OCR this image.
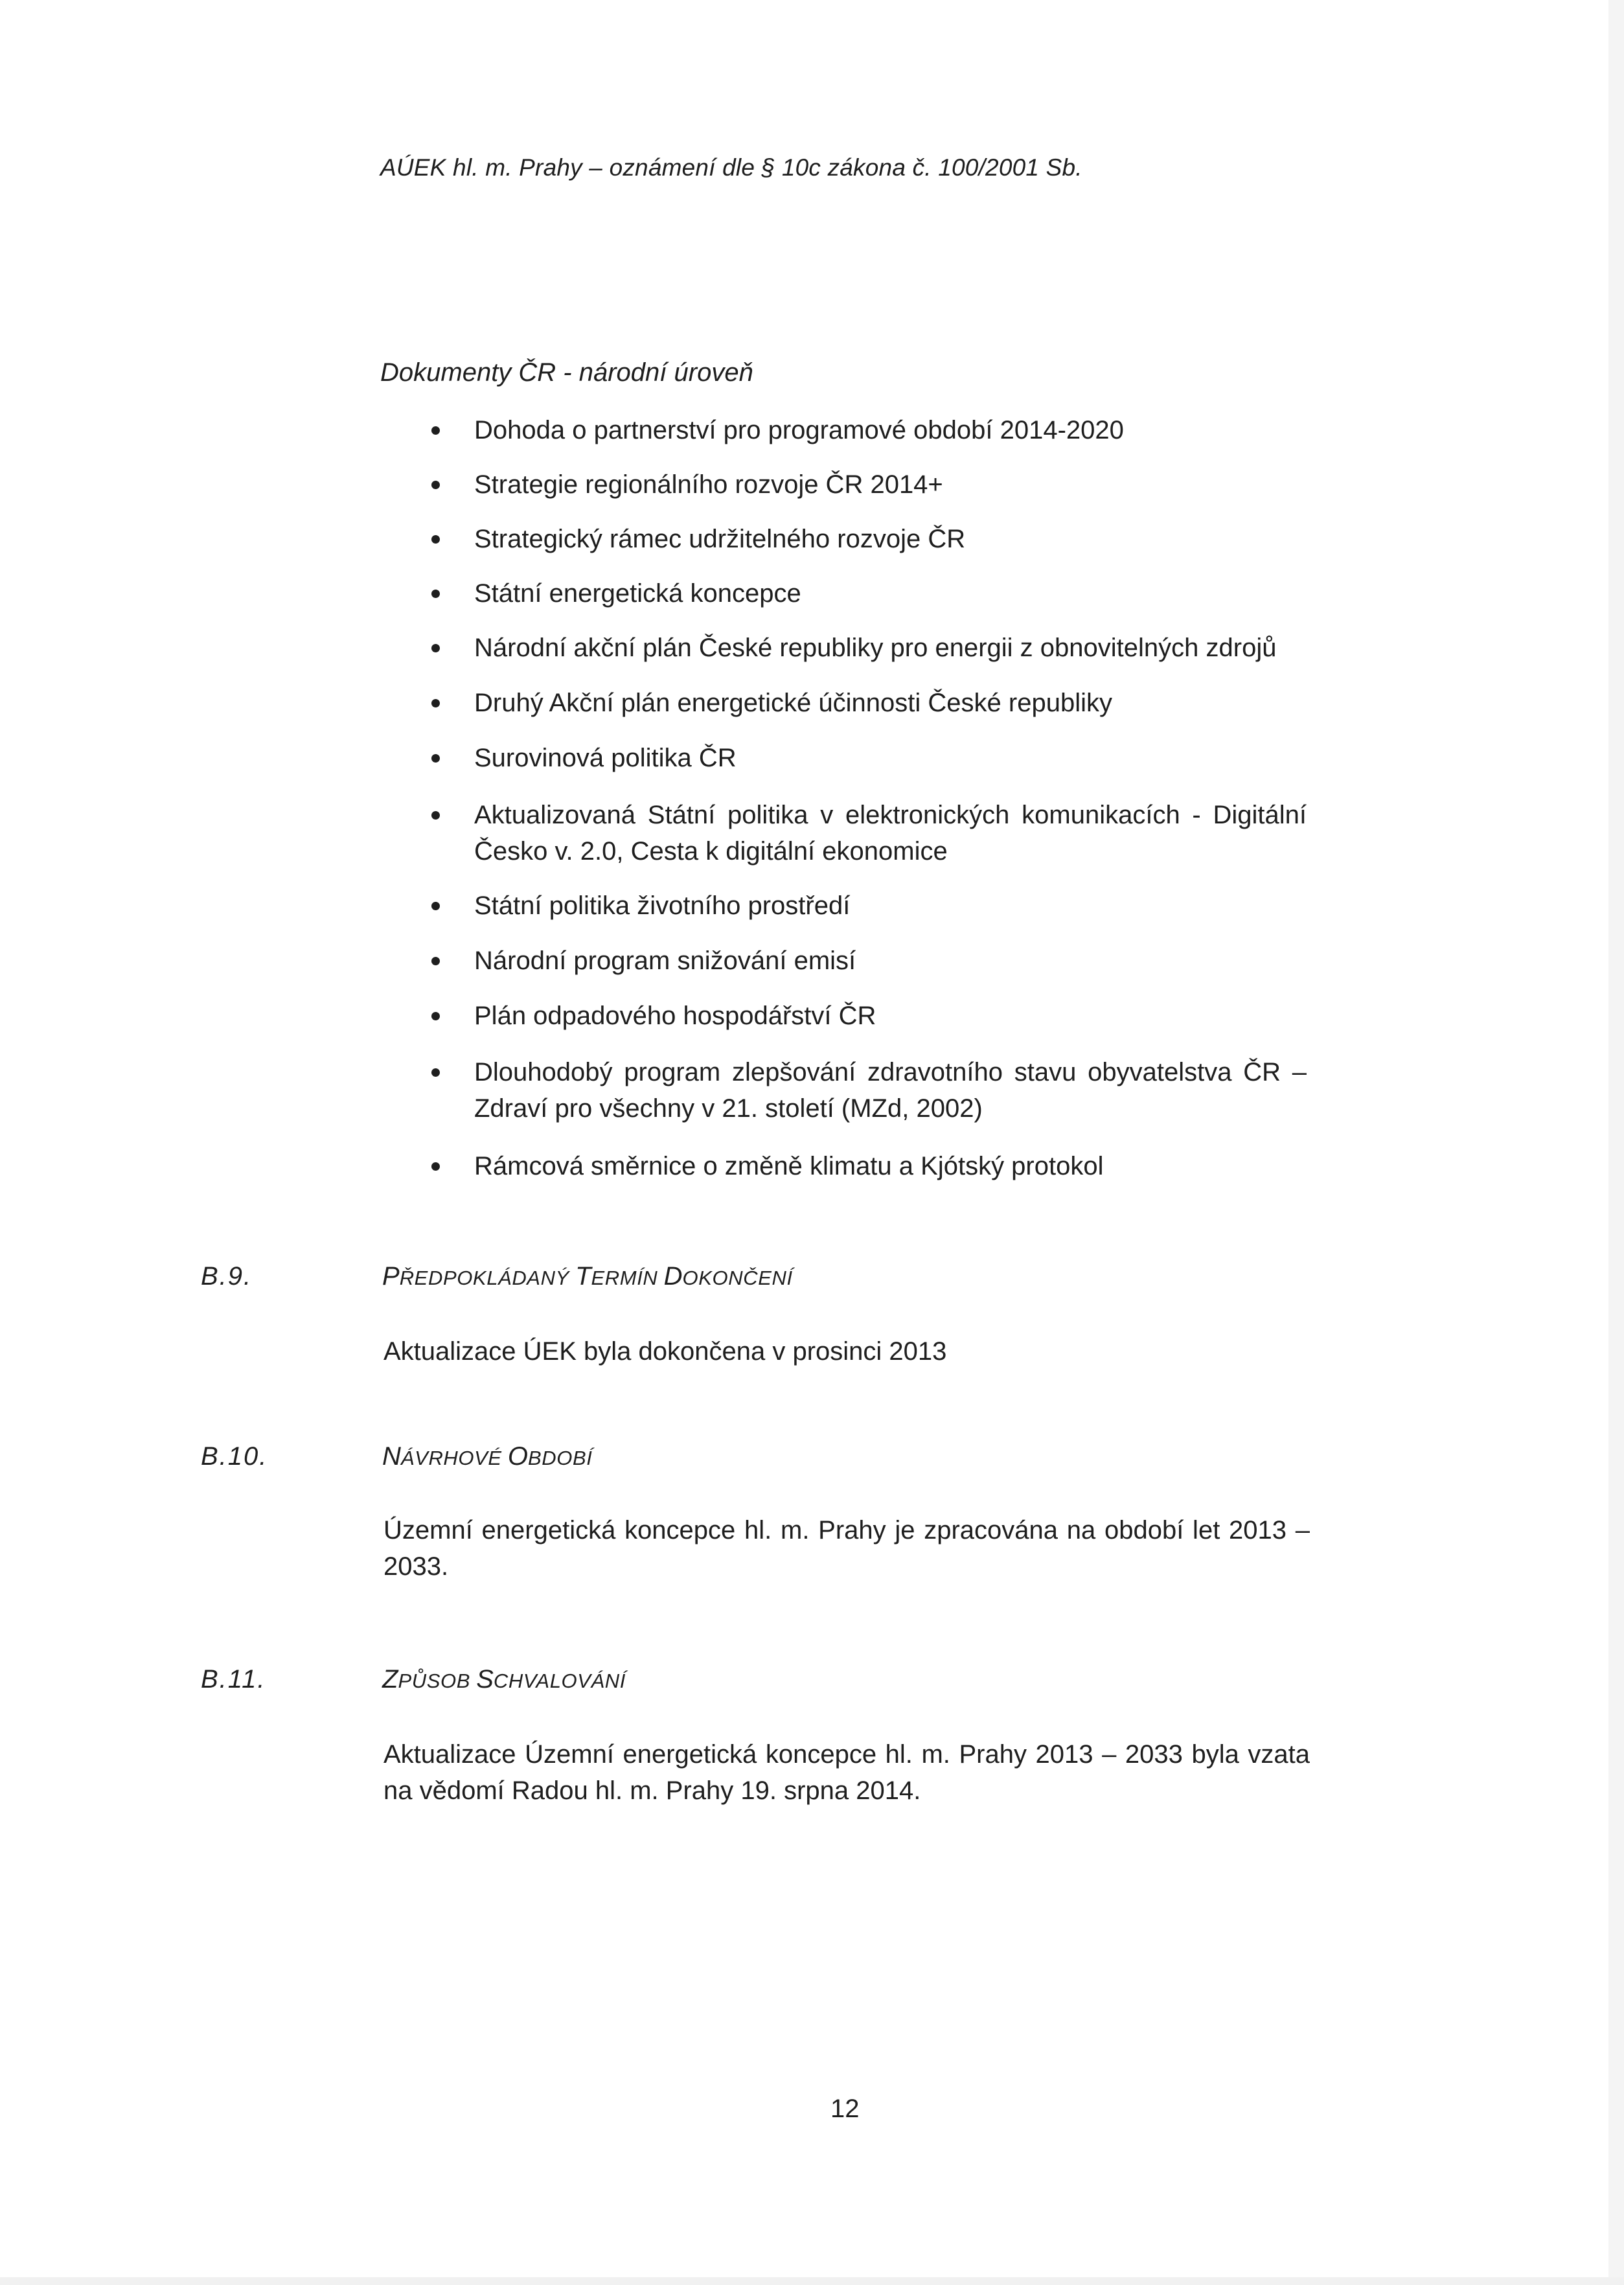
AÚEK hl. m. Prahy – oznámení dle § 10c zákona č. 100/2001 Sb.
Dokumenty ČR - národní úroveň
Dohoda o partnerství pro programové období 2014-2020
Strategie regionálního rozvoje ČR 2014+
Strategický rámec udržitelného rozvoje ČR
Státní energetická koncepce
Národní akční plán České republiky pro energii z obnovitelných zdrojů
Druhý Akční plán energetické účinnosti České republiky
Surovinová politika ČR
Aktualizovaná Státní politika v elektronických komunikacích - Digitální Česko v. 2.0, Cesta k digitální ekonomice
Státní politika životního prostředí
Národní program snižování emisí
Plán odpadového hospodářství ČR
Dlouhodobý program zlepšování zdravotního stavu obyvatelstva ČR – Zdraví pro všechny v 21. století (MZd, 2002)
Rámcová směrnice o změně klimatu a Kjótský protokol
B.9.	PŘEDPOKLÁDANÝ TERMÍN DOKONČENÍ
Aktualizace ÚEK byla dokončena v prosinci 2013
B.10.	NÁVRHOVÉ OBDOBÍ
Územní energetická koncepce hl. m. Prahy je zpracována na období let 2013 – 2033.
B.11.	ZPŮSOB SCHVALOVÁNÍ
Aktualizace Územní energetická koncepce hl. m. Prahy 2013 – 2033 byla vzata na vědomí Radou hl. m. Prahy 19. srpna 2014.
12
